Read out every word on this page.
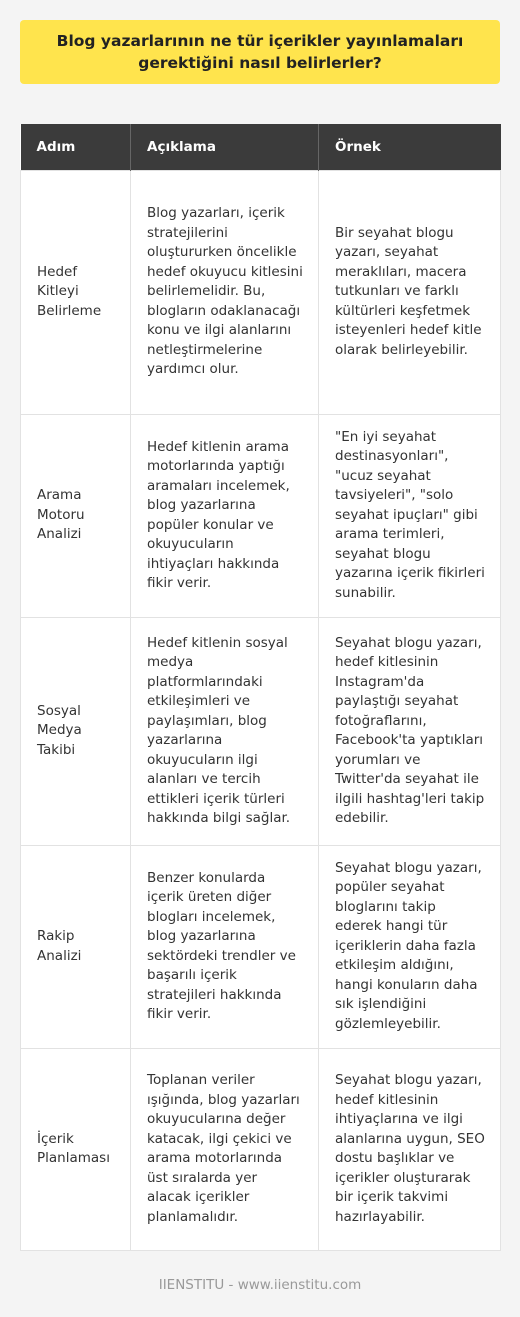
Blog yazarlarının ne tür içerikler yayınlamaları gerektiğini nasıl belirlerler?
Adım	Açıklama	Örnek
Hedef Kitleyi Belirleme	Blog yazarları, içerik stratejilerini oluştururken öncelikle hedef okuyucu kitlesini belirlemelidir. Bu, blogların odaklanacağı konu ve ilgi alanlarını netleştirmelerine yardımcı olur.	Bir seyahat blogu yazarı, seyahat meraklıları, macera tutkunları ve farklı kültürleri keşfetmek isteyenleri hedef kitle olarak belirleyebilir.
Arama Motoru Analizi	Hedef kitlenin arama motorlarında yaptığı aramaları incelemek, blog yazarlarına popüler konular ve okuyucuların ihtiyaçları hakkında fikir verir.	"En iyi seyahat destinasyonları", "ucuz seyahat tavsiyeleri", "solo seyahat ipuçları" gibi arama terimleri, seyahat blogu yazarına içerik fikirleri sunabilir.
Sosyal Medya Takibi	Hedef kitlenin sosyal medya platformlarındaki etkileşimleri ve paylaşımları, blog yazarlarına okuyucuların ilgi alanları ve tercih ettikleri içerik türleri hakkında bilgi sağlar.	Seyahat blogu yazarı, hedef kitlesinin Instagram'da paylaştığı seyahat fotoğraflarını, Facebook'ta yaptıkları yorumları ve Twitter'da seyahat ile ilgili hashtag'leri takip edebilir.
Rakip Analizi	Benzer konularda içerik üreten diğer blogları incelemek, blog yazarlarına sektördeki trendler ve başarılı içerik stratejileri hakkında fikir verir.	Seyahat blogu yazarı, popüler seyahat bloglarını takip ederek hangi tür içeriklerin daha fazla etkileşim aldığını, hangi konuların daha sık işlendiğini gözlemleyebilir.
İçerik Planlaması	Toplanan veriler ışığında, blog yazarları okuyucularına değer katacak, ilgi çekici ve arama motorlarında üst sıralarda yer alacak içerikler planlamalıdır.	Seyahat blogu yazarı, hedef kitlesinin ihtiyaçlarına ve ilgi alanlarına uygun, SEO dostu başlıklar ve içerikler oluşturarak bir içerik takvimi hazırlayabilir.
IIENSTITU - www.iienstitu.com
